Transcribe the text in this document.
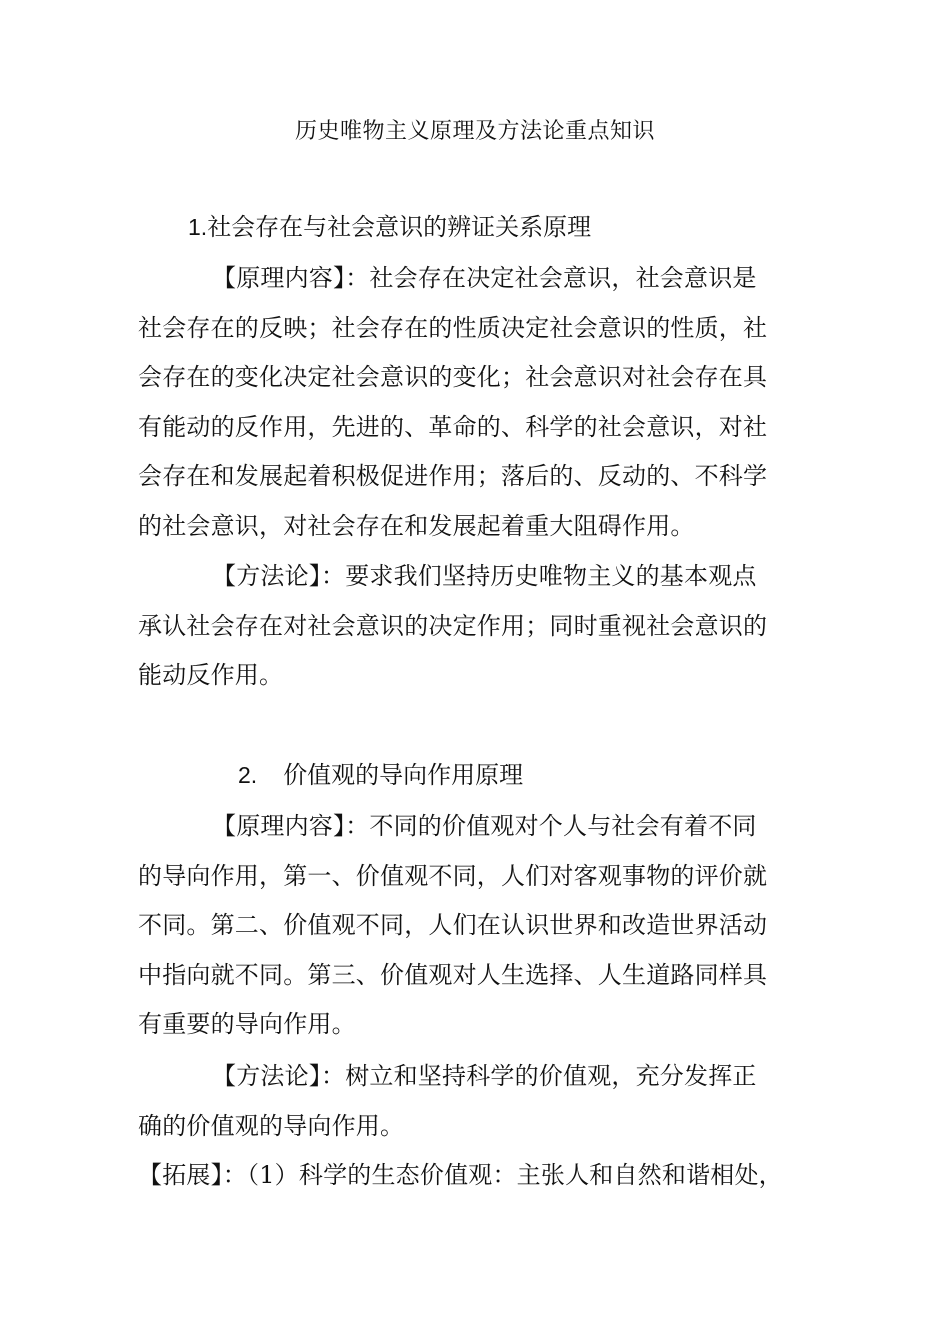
历史唯物主义原理及方法论重点知识
1.社会存在与社会意识的辨证关系原理
【原理内容】：社会存在决定社会意识，社会意识是
社会存在的反映；社会存在的性质决定社会意识的性质，社
会存在的变化决定社会意识的变化；社会意识对社会存在具
有能动的反作用，先进的、革命的、科学的社会意识，对社
会存在和发展起着积极促进作用；落后的、反动的、不科学
的社会意识，对社会存在和发展起着重大阻碍作用。
【方法论】：要求我们坚持历史唯物主义的基本观点
承认社会存在对社会意识的决定作用；同时重视社会意识的
能动反作用。
2. 价值观的导向作用原理
【原理内容】：不同的价值观对个人与社会有着不同
的导向作用，第一、价值观不同，人们对客观事物的评价就
不同。第二、价值观不同，人们在认识世界和改造世界活动
中指向就不同。第三、价值观对人生选择、人生道路同样具
有重要的导向作用。
【方法论】：树立和坚持科学的价值观，充分发挥正
确的价值观的导向作用。
【拓展】：（1）科学的生态价值观：主张人和自然和谐相处，
